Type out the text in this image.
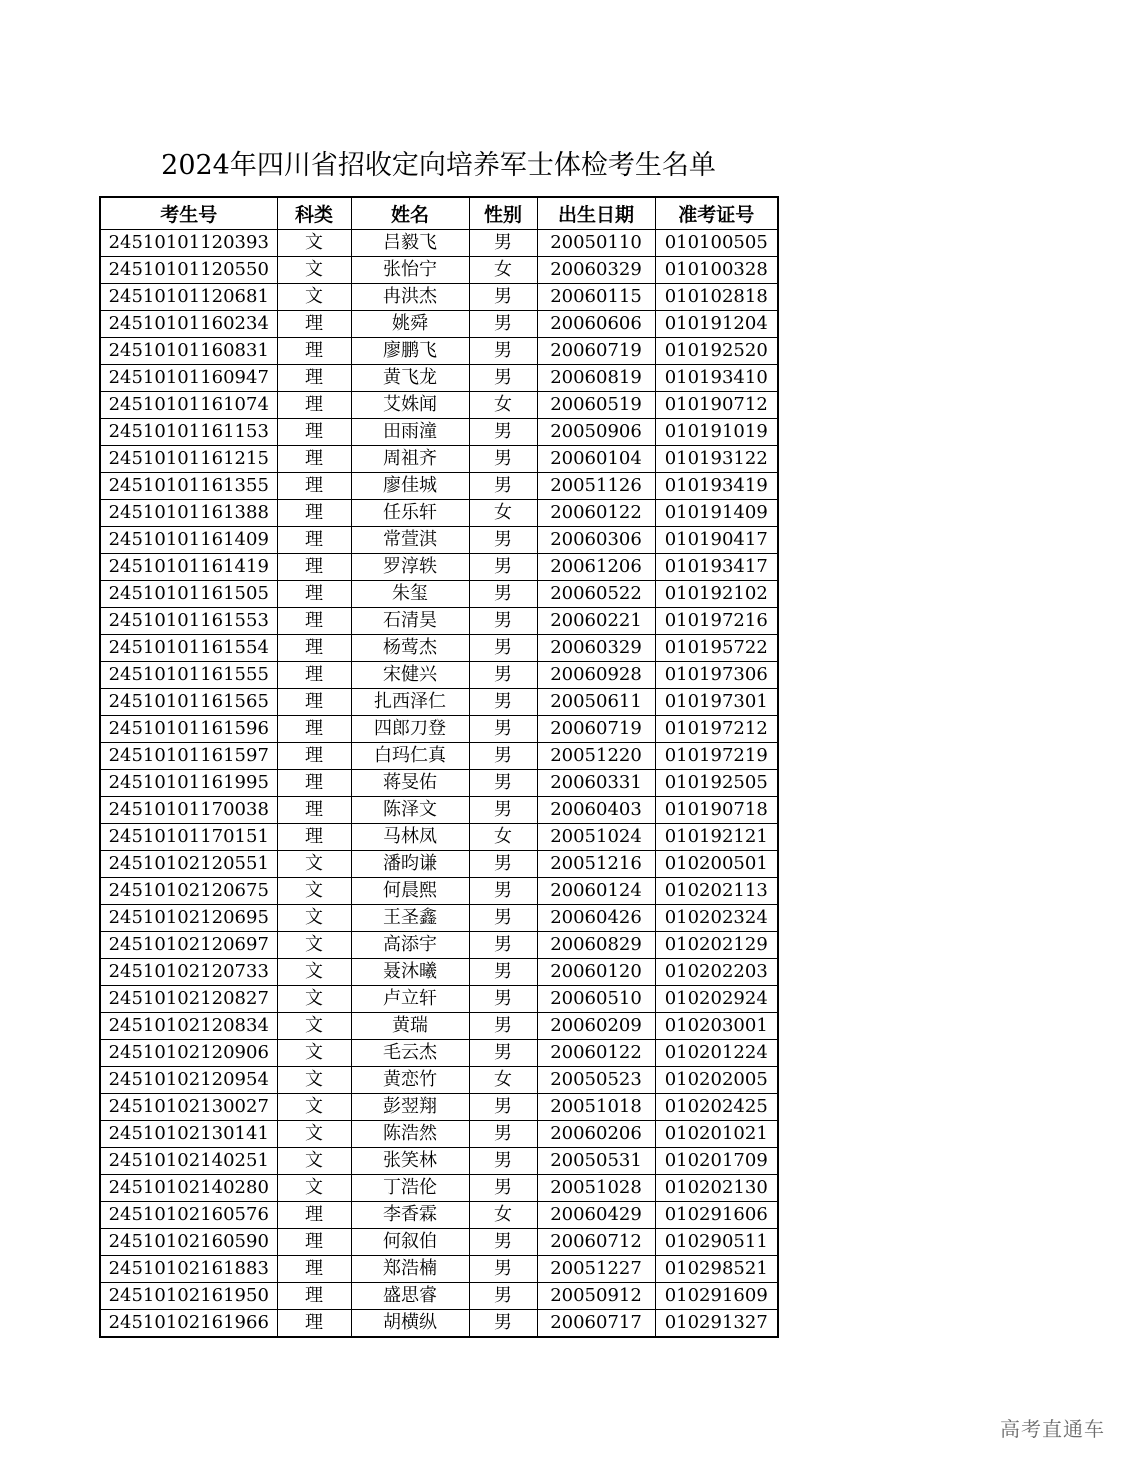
2024年四川省招收定向培养军士体检考生名单
考生号	科类	姓名	性别	出生日期	准考证号
24510101120393	文	吕毅飞	男	20050110	010100505
24510101120550	文	张怡宁	女	20060329	010100328
24510101120681	文	冉洪杰	男	20060115	010102818
24510101160234	理	姚舜	男	20060606	010191204
24510101160831	理	廖鹏飞	男	20060719	010192520
24510101160947	理	黄飞龙	男	20060819	010193410
24510101161074	理	艾姝闻	女	20060519	010190712
24510101161153	理	田雨潼	男	20050906	010191019
24510101161215	理	周祖齐	男	20060104	010193122
24510101161355	理	廖佳城	男	20051126	010193419
24510101161388	理	任乐轩	女	20060122	010191409
24510101161409	理	常萱淇	男	20060306	010190417
24510101161419	理	罗淳轶	男	20061206	010193417
24510101161505	理	朱玺	男	20060522	010192102
24510101161553	理	石清昊	男	20060221	010197216
24510101161554	理	杨莺杰	男	20060329	010195722
24510101161555	理	宋健兴	男	20060928	010197306
24510101161565	理	扎西泽仁	男	20050611	010197301
24510101161596	理	四郎刀登	男	20060719	010197212
24510101161597	理	白玛仁真	男	20051220	010197219
24510101161995	理	蒋旻佑	男	20060331	010192505
24510101170038	理	陈泽文	男	20060403	010190718
24510101170151	理	马林凤	女	20051024	010192121
24510102120551	文	潘昀谦	男	20051216	010200501
24510102120675	文	何晨熙	男	20060124	010202113
24510102120695	文	王圣鑫	男	20060426	010202324
24510102120697	文	高添宇	男	20060829	010202129
24510102120733	文	聂沐曦	男	20060120	010202203
24510102120827	文	卢立轩	男	20060510	010202924
24510102120834	文	黄瑞	男	20060209	010203001
24510102120906	文	毛云杰	男	20060122	010201224
24510102120954	文	黄恋竹	女	20050523	010202005
24510102130027	文	彭翌翔	男	20051018	010202425
24510102130141	文	陈浩然	男	20060206	010201021
24510102140251	文	张笑林	男	20050531	010201709
24510102140280	文	丁浩伦	男	20051028	010202130
24510102160576	理	李香霖	女	20060429	010291606
24510102160590	理	何叙伯	男	20060712	010290511
24510102161883	理	郑浩楠	男	20051227	010298521
24510102161950	理	盛思睿	男	20050912	010291609
24510102161966	理	胡横纵	男	20060717	010291327
高考直通车
